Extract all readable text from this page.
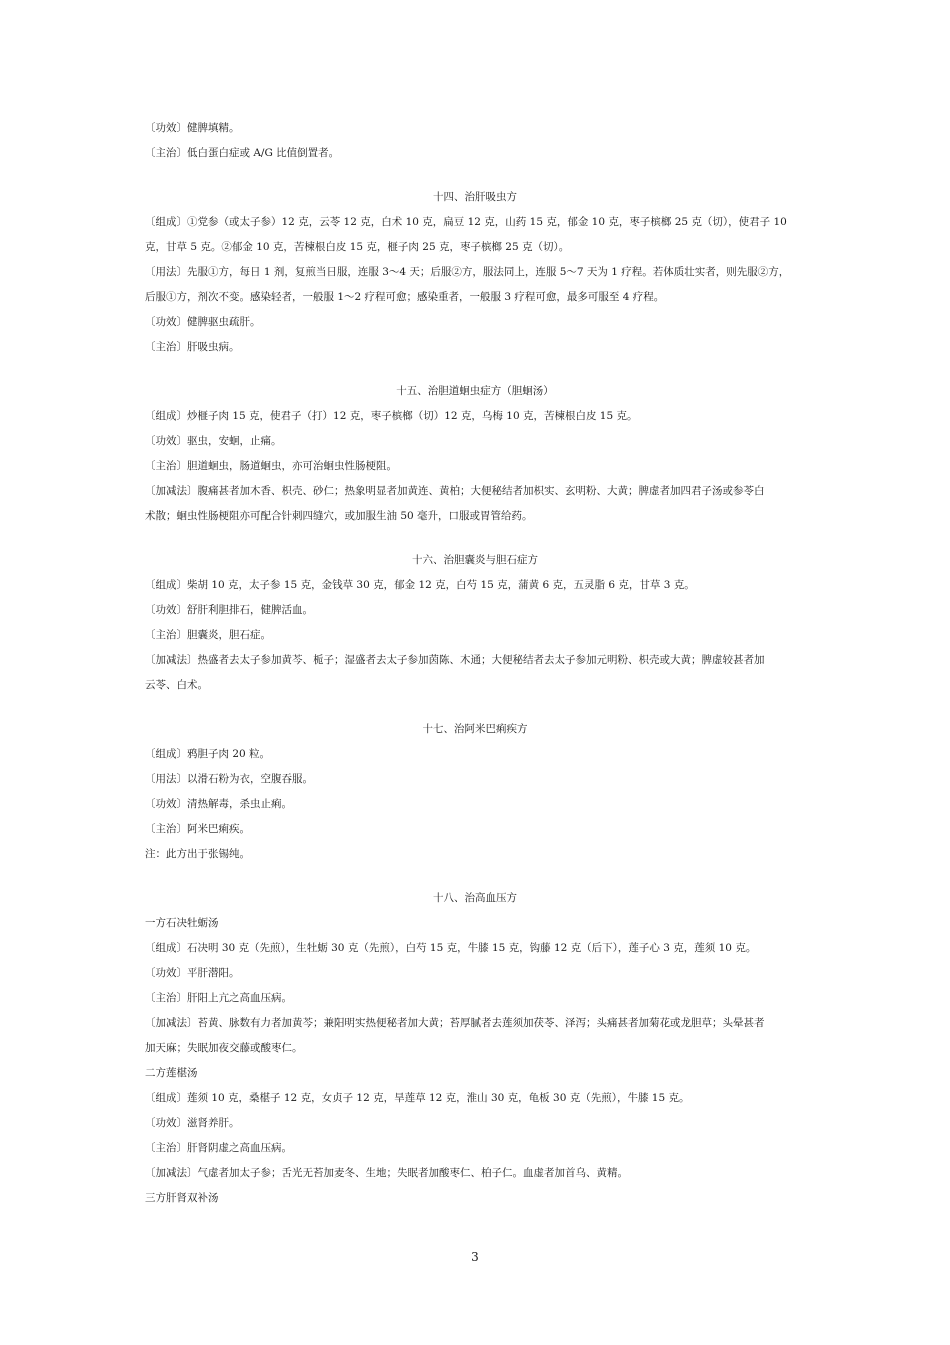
〔功效〕健脾填精。
〔主治〕低白蛋白症或 A/G 比值倒置者。
十四、治肝吸虫方
〔组成〕①党参（或太子参）12 克，云苓 12 克，白术 10 克，扁豆 12 克，山药 15 克，郁金 10 克，枣子槟榔 25 克（切），使君子 10
克，甘草 5 克。②郁金 10 克，苦楝根白皮 15 克，榧子肉 25 克，枣子槟榔 25 克（切）。
〔用法〕先服①方，每日 1 剂，复煎当日服，连服 3～4 天；后服②方，服法同上，连服 5～7 天为 1 疗程。若体质壮实者，则先服②方，
后服①方，剂次不变。感染轻者，一般服 1～2 疗程可愈；感染重者，一般服 3 疗程可愈，最多可服至 4 疗程。
〔功效〕健脾驱虫疏肝。
〔主治〕肝吸虫病。
十五、治胆道蛔虫症方（胆蛔汤）
〔组成〕炒榧子肉 15 克，使君子（打）12 克，枣子槟榔（切）12 克，乌梅 10 克，苦楝根白皮 15 克。
〔功效〕驱虫，安蛔，止痛。
〔主治〕胆道蛔虫，肠道蛔虫，亦可治蛔虫性肠梗阻。
〔加减法〕腹痛甚者加木香、枳壳、砂仁；热象明显者加黄连、黄柏；大便秘结者加枳实、玄明粉、大黄；脾虚者加四君子汤或参苓白
术散；蛔虫性肠梗阻亦可配合针刺四缝穴，或加服生油 50 毫升，口服或胃管给药。
十六、治胆囊炎与胆石症方
〔组成〕柴胡 10 克，太子参 15 克，金钱草 30 克，郁金 12 克，白芍 15 克，蒲黄 6 克，五灵脂 6 克，甘草 3 克。
〔功效〕舒肝利胆排石，健脾活血。
〔主治〕胆囊炎，胆石症。
〔加减法〕热盛者去太子参加黄芩、栀子；湿盛者去太子参加茵陈、木通；大便秘结者去太子参加元明粉、枳壳或大黄；脾虚较甚者加
云苓、白术。
十七、治阿米巴痢疾方
〔组成〕鸦胆子肉 20 粒。
〔用法〕以滑石粉为衣，空腹吞服。
〔功效〕清热解毒，杀虫止痢。
〔主治〕阿米巴痢疾。
注：此方出于张锡纯。
十八、治高血压方
一方石决牡蛎汤
〔组成〕石决明 30 克（先煎），生牡蛎 30 克（先煎），白芍 15 克，牛膝 15 克，钩藤 12 克（后下），莲子心 3 克，莲须 10 克。
〔功效〕平肝潜阳。
〔主治〕肝阳上亢之高血压病。
〔加减法〕苔黄、脉数有力者加黄芩；兼阳明实热便秘者加大黄；苔厚腻者去莲须加茯苓、泽泻；头痛甚者加菊花或龙胆草；头晕甚者
加天麻；失眠加夜交藤或酸枣仁。
二方莲椹汤
〔组成〕莲须 10 克，桑椹子 12 克，女贞子 12 克，旱莲草 12 克，淮山 30 克，龟板 30 克（先煎），牛膝 15 克。
〔功效〕滋肾养肝。
〔主治〕肝肾阴虚之高血压病。
〔加减法〕气虚者加太子参；舌光无苔加麦冬、生地；失眠者加酸枣仁、柏子仁。血虚者加首乌、黄精。
三方肝肾双补汤
3
